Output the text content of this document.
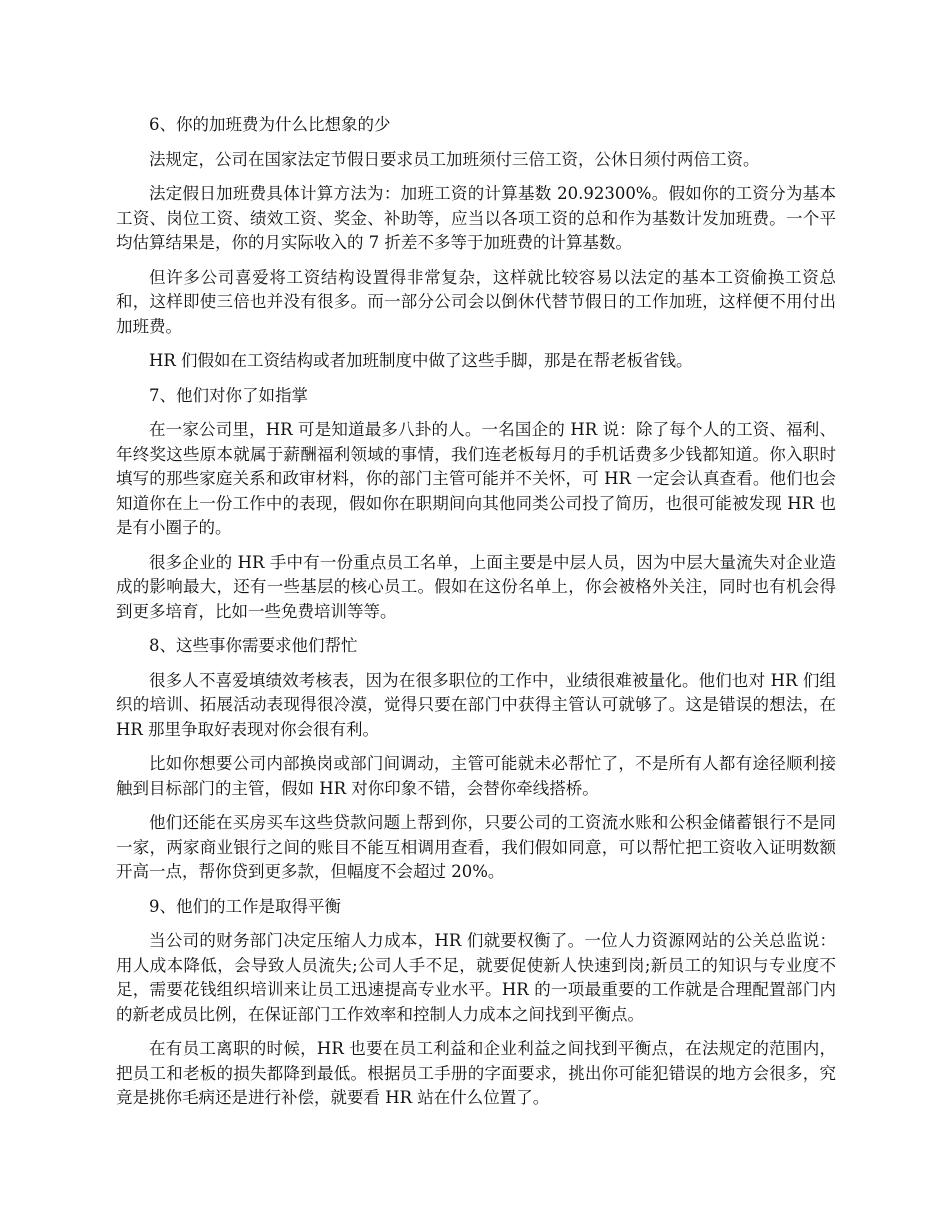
6、你的加班费为什么比想象的少

法规定，公司在国家法定节假日要求员工加班须付三倍工资，公休日须付两倍工资。

法定假日加班费具体计算方法为：加班工资的计算基数 20.92300%。假如你的工资分为基本工资、岗位工资、绩效工资、奖金、补助等，应当以各项工资的总和作为基数计发加班费。一个平均估算结果是，你的月实际收入的 7 折差不多等于加班费的计算基数。

但许多公司喜爱将工资结构设置得非常复杂，这样就比较容易以法定的基本工资偷换工资总和，这样即使三倍也并没有很多。而一部分公司会以倒休代替节假日的工作加班，这样便不用付出加班费。

HR 们假如在工资结构或者加班制度中做了这些手脚，那是在帮老板省钱。

7、他们对你了如指掌

在一家公司里，HR 可是知道最多八卦的人。一名国企的 HR 说：除了每个人的工资、福利、年终奖这些原本就属于薪酬福利领域的事情，我们连老板每月的手机话费多少钱都知道。你入职时填写的那些家庭关系和政审材料，你的部门主管可能并不关怀，可 HR 一定会认真查看。他们也会知道你在上一份工作中的表现，假如你在职期间向其他同类公司投了简历，也很可能被发现 HR 也是有小圈子的。

很多企业的 HR 手中有一份重点员工名单，上面主要是中层人员，因为中层大量流失对企业造成的影响最大，还有一些基层的核心员工。假如在这份名单上，你会被格外关注，同时也有机会得到更多培育，比如一些免费培训等等。

8、这些事你需要求他们帮忙

很多人不喜爱填绩效考核表，因为在很多职位的工作中，业绩很难被量化。他们也对 HR 们组织的培训、拓展活动表现得很冷漠，觉得只要在部门中获得主管认可就够了。这是错误的想法，在 HR 那里争取好表现对你会很有利。

比如你想要公司内部换岗或部门间调动，主管可能就未必帮忙了，不是所有人都有途径顺利接触到目标部门的主管，假如 HR 对你印象不错，会替你牵线搭桥。

他们还能在买房买车这些贷款问题上帮到你，只要公司的工资流水账和公积金储蓄银行不是同一家，两家商业银行之间的账目不能互相调用查看，我们假如同意，可以帮忙把工资收入证明数额开高一点，帮你贷到更多款，但幅度不会超过 20%。

9、他们的工作是取得平衡

当公司的财务部门决定压缩人力成本，HR 们就要权衡了。一位人力资源网站的公关总监说：用人成本降低，会导致人员流失;公司人手不足，就要促使新人快速到岗;新员工的知识与专业度不足，需要花钱组织培训来让员工迅速提高专业水平。HR 的一项最重要的工作就是合理配置部门内的新老成员比例，在保证部门工作效率和控制人力成本之间找到平衡点。

在有员工离职的时候，HR 也要在员工利益和企业利益之间找到平衡点，在法规定的范围内，把员工和老板的损失都降到最低。根据员工手册的字面要求，挑出你可能犯错误的地方会很多，究竟是挑你毛病还是进行补偿，就要看 HR 站在什么位置了。
